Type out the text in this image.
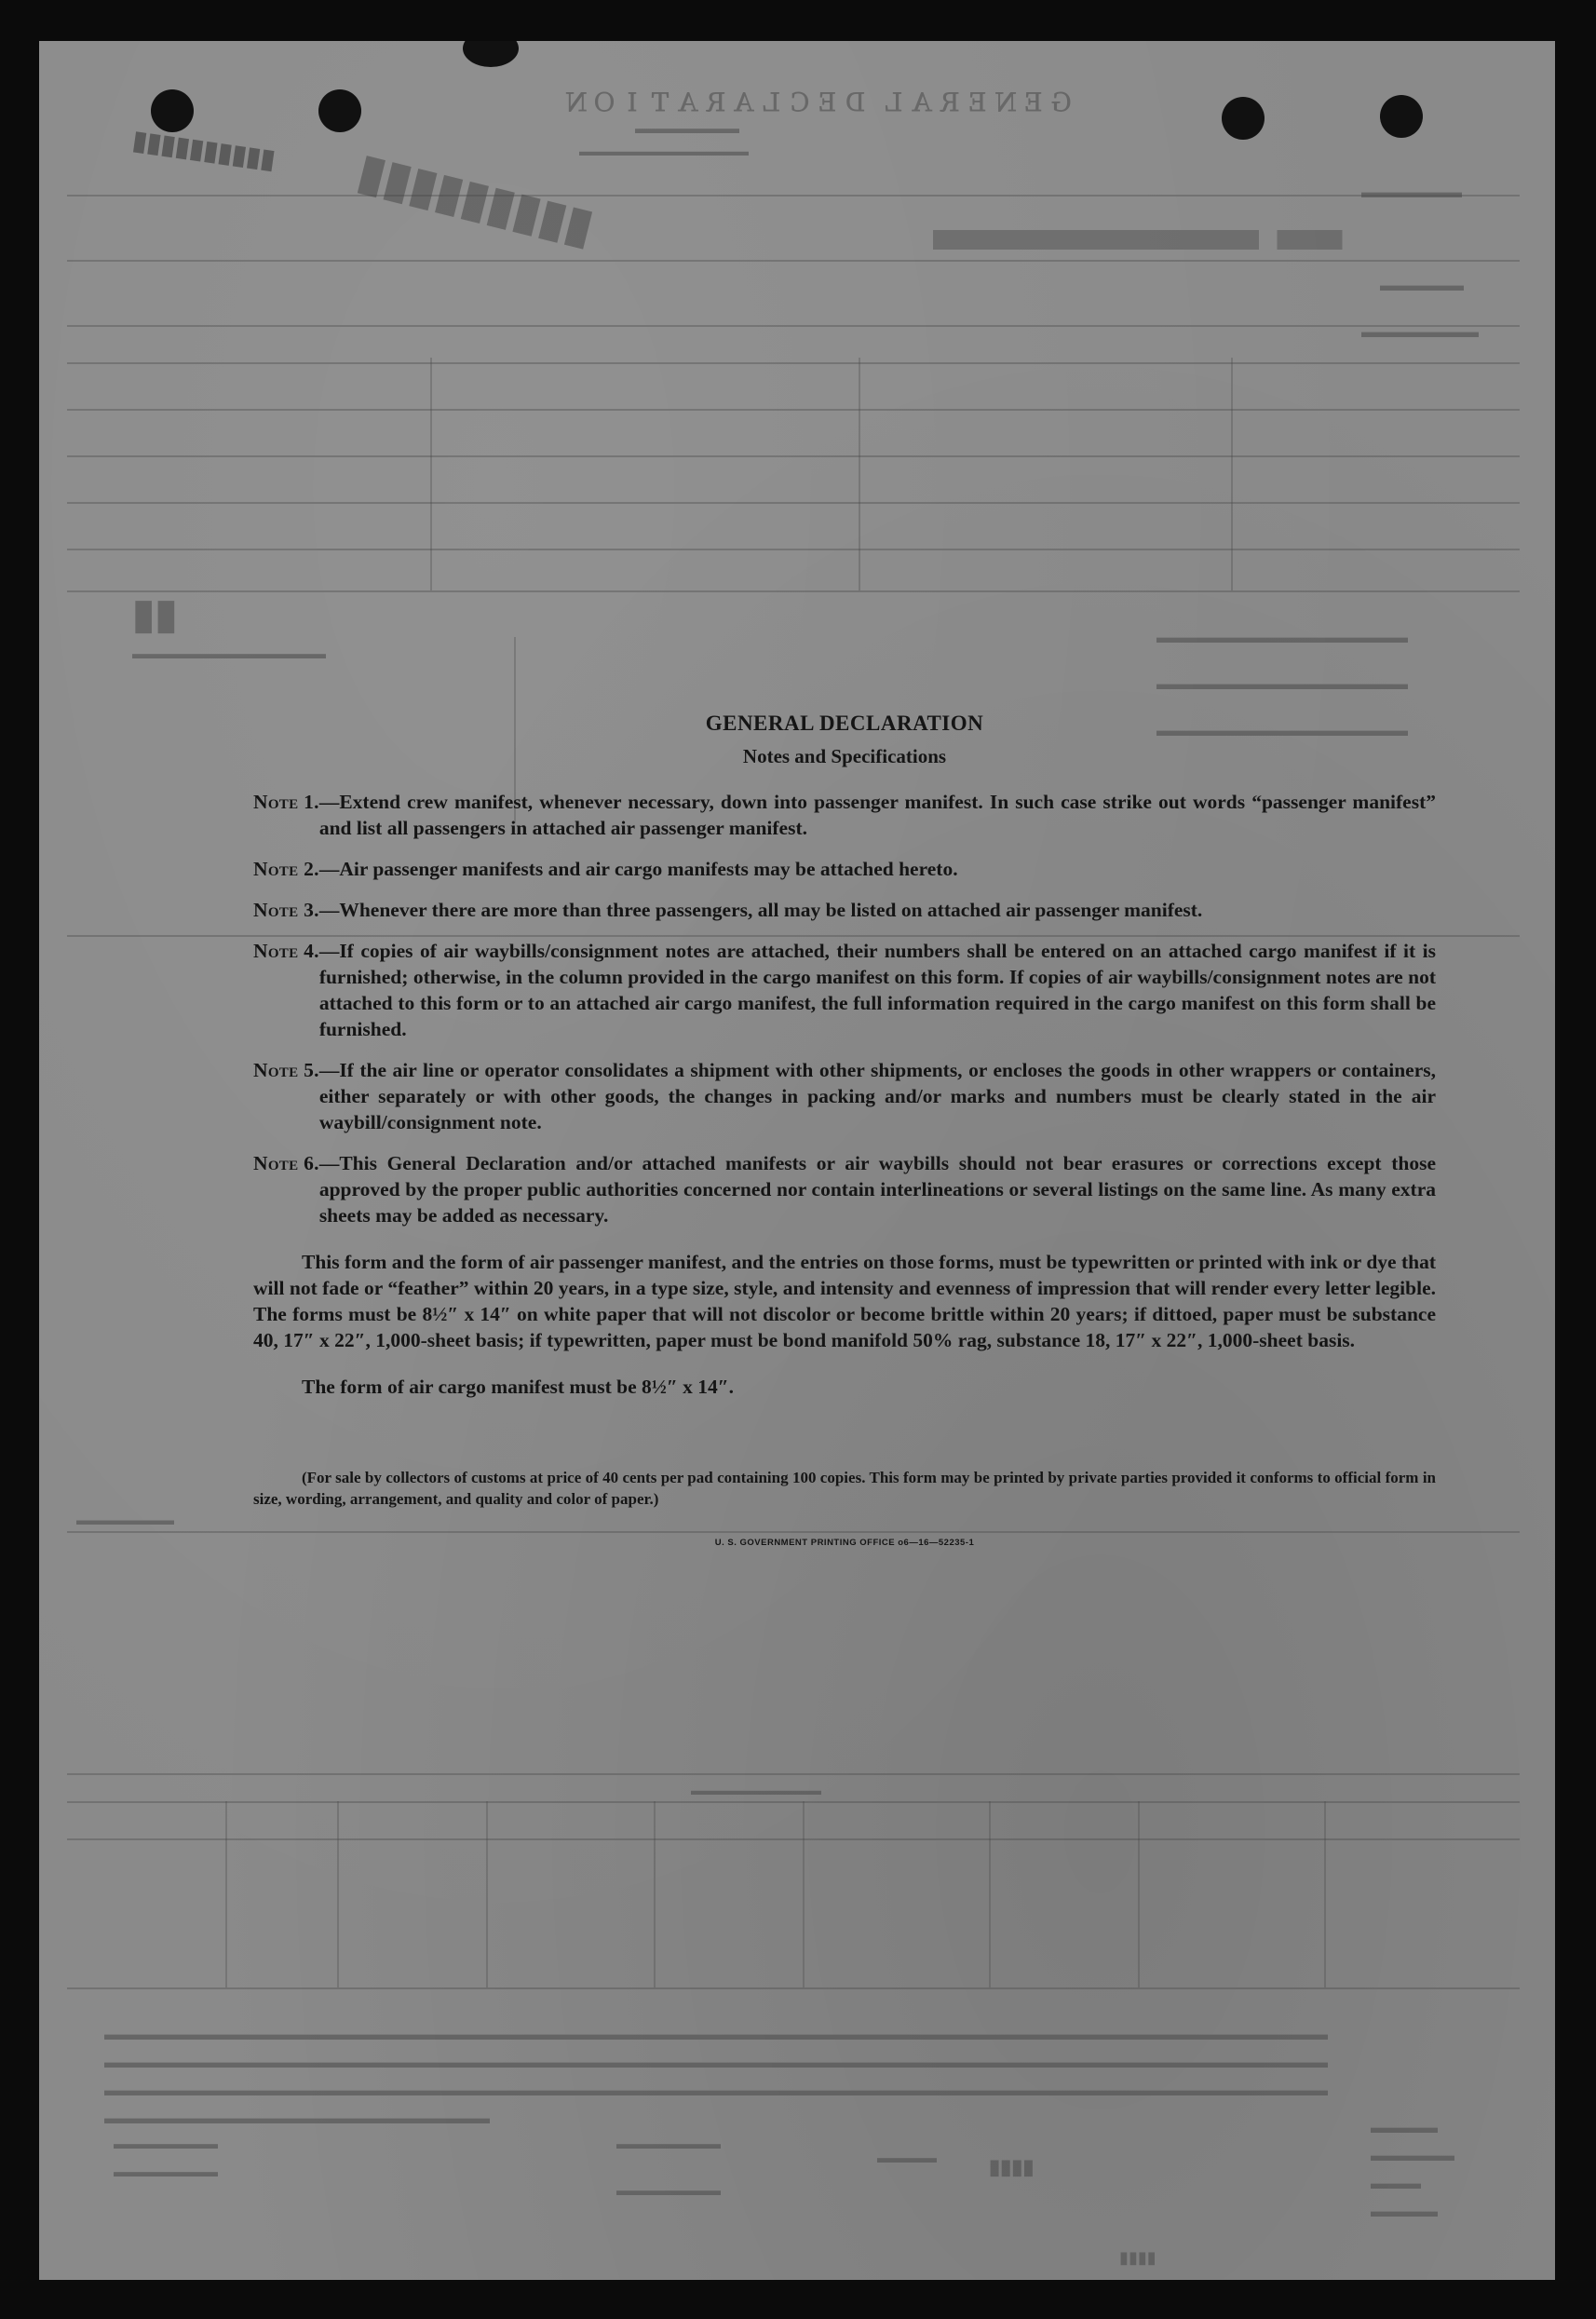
ＧＥＮＥＲＡＬ ＤＥＣＬＡＲＡＴＩＯＮ
▬▬▬▬▬▬▬
▬▬▬▬▬▬▬▬▬▬▬▬▬
▮▮▮▮▮▮▮▮▮▮ ▮▮▮▮▮▮▮▮▮	▬ ▬▬▬▬▬ ▬▬▬▬▬▬
▬▬▬▬▬
▬▬▬▬▬▬▬
▬▬▬▬▬▬▬▬▬▬▬▬▬▬▬
▬▬▬▬▬▬▬▬▬▬▬▬▬▬▬
▬▬▬▬▬▬▬▬▬▬▬▬▬▬▬
▮▮
▬▬▬▬▬▬▬▬▬▬▬▬▬
▬▬▬▬▬▬▬
▬▬▬▬▬▬▬▬▬▬
▬▬▬▬▬▬▬▬▬▬▬▬▬▬▬▬▬▬▬▬▬▬▬▬▬▬▬▬▬▬▬▬▬▬▬▬▬▬▬▬▬▬▬▬▬▬▬▬▬▬▬▬▬▬▬▬▬▬▬▬▬▬▬▬▬▬▬▬▬▬▬▬▬
▬▬▬▬▬▬▬▬▬▬▬▬▬▬▬▬▬▬▬▬▬▬▬▬▬▬▬▬▬▬▬▬▬▬▬▬▬▬▬▬▬▬▬▬▬▬▬▬▬▬▬▬▬▬▬▬▬▬▬▬▬▬▬▬▬▬▬▬▬▬▬▬▬
▬▬▬▬▬▬▬▬▬▬▬▬▬▬▬▬▬▬▬▬▬▬▬▬▬▬▬▬▬▬▬▬▬▬▬▬▬▬▬▬▬▬▬▬▬▬▬▬▬▬▬▬▬▬▬▬▬▬▬▬▬▬▬▬▬▬▬▬▬▬▬▬▬
▬▬▬▬▬▬▬▬▬▬▬▬▬▬▬▬▬▬▬▬▬▬▬	▬▬▬▬
▬▬▬▬▬
▬▬▬
▬▬▬▬
▬▬▬▬▬▬▬
▬▬▬▬▬▬▬
▬▬▬▬▬▬▬
▬▬▬▬▬▬▬
▬▬▬▬	▮▮▮▮
▮▮▮▮
GENERAL DECLARATION
Notes and Specifications
Note 1. —Extend crew manifest, whenever necessary, down into passenger manifest. In such case strike out words “passenger manifest” and list all passengers in attached air passenger manifest.
Note 2. —Air passenger manifests and air cargo manifests may be attached hereto.
Note 3. —Whenever there are more than three passengers, all may be listed on attached air passenger manifest.
Note 4. —If copies of air waybills/consignment notes are attached, their numbers shall be entered on an attached cargo manifest if it is furnished; otherwise, in the column provided in the cargo manifest on this form. If copies of air waybills/consignment notes are not attached to this form or to an attached air cargo manifest, the full information required in the cargo manifest on this form shall be furnished.
Note 5. —If the air line or operator consolidates a shipment with other shipments, or encloses the goods in other wrappers or containers, either separately or with other goods, the changes in packing and/or marks and numbers must be clearly stated in the air waybill/consignment note.
Note 6. —This General Declaration and/or attached manifests or air waybills should not bear erasures or corrections except those approved by the proper public authorities concerned nor contain interlineations or several listings on the same line. As many extra sheets may be added as necessary.

This form and the form of air passenger manifest, and the entries on those forms, must be typewritten or printed with ink or dye that will not fade or “feather” within 20 years, in a type size, style, and intensity and evenness of impression that will render every letter legible. The forms must be 8½″ x 14″ on white paper that will not discolor or become brittle within 20 years; if dittoed, paper must be substance 40, 17″ x 22″, 1,000-sheet basis; if typewritten, paper must be bond manifold 50% rag, substance 18, 17″ x 22″, 1,000-sheet basis.

The form of air cargo manifest must be 8½″ x 14″.

(For sale by collectors of customs at price of 40 cents per pad containing 100 copies. This form may be printed by private parties provided it conforms to official form in size, wording, arrangement, and quality and color of paper.)

U. S. GOVERNMENT PRINTING OFFICE o6—16—52235-1
